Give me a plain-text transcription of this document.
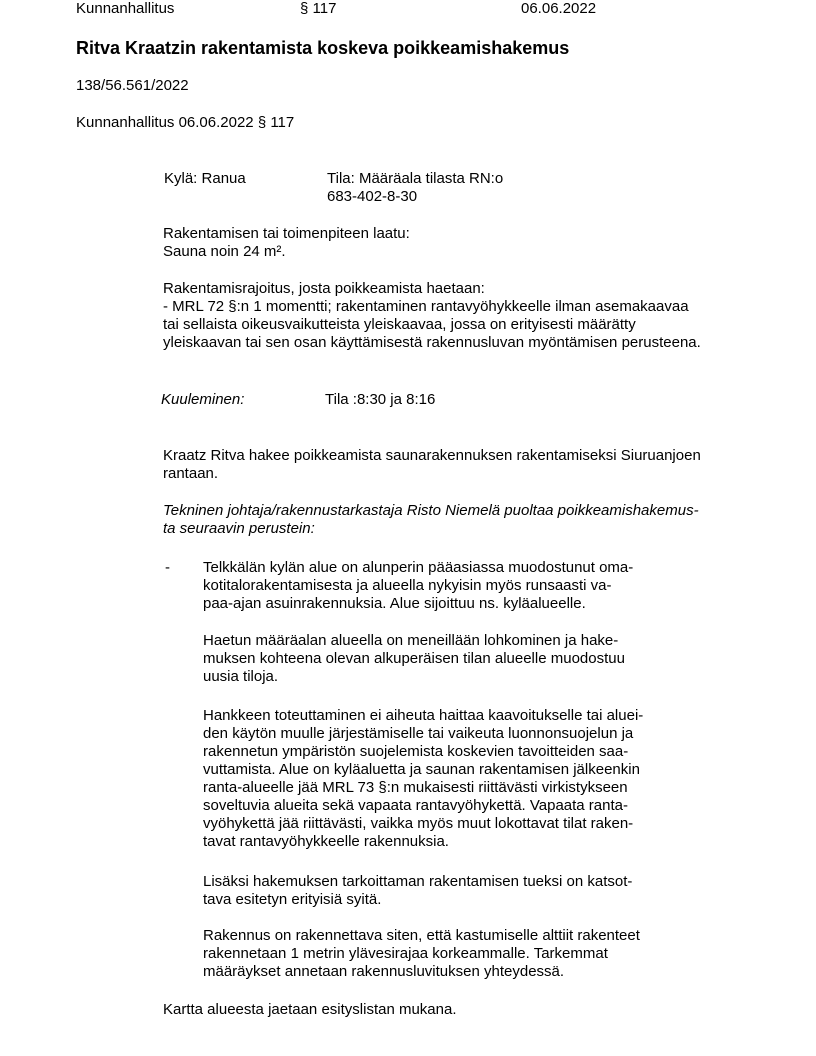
Kunnanhallitus	§ 117	06.06.2022
Ritva Kraatzin rakentamista koskeva poikkeamishakemus
138/56.561/2022
Kunnanhallitus 06.06.2022 § 117
Kylä: Ranua	Tila: Määräala tilasta RN:o
683-402-8-30
Rakentamisen tai toimenpiteen laatu:
Sauna noin 24 m².
Rakentamisrajoitus, josta poikkeamista haetaan:
- MRL 72 §:n 1 momentti; rakentaminen rantavyöhykkeelle ilman asemakaavaa
tai sellaista oikeusvaikutteista yleiskaavaa, jossa on erityisesti määrätty
yleiskaavan tai sen osan käyttämisestä rakennusluvan myöntämisen perusteena.
Kuuleminen:	Tila :8:30 ja 8:16
Kraatz Ritva hakee poikkeamista saunarakennuksen rakentamiseksi Siuruanjoen
rantaan.
Tekninen johtaja/rakennustarkastaja Risto Niemelä puoltaa poikkeamishakemus-
ta seuraavin perustein:
- Telkkälän kylän alue on alunperin pääasiassa muodostunut oma-
kotitalorakentamisesta ja alueella nykyisin myös runsaasti va-
paa-ajan asuinrakennuksia. Alue sijoittuu ns. kyläalueelle.
Haetun määräalan alueella on meneillään lohkominen ja hake-
muksen kohteena olevan alkuperäisen tilan alueelle muodostuu
uusia tiloja.
Hankkeen toteuttaminen ei aiheuta haittaa kaavoitukselle tai aluei-
den käytön muulle järjestämiselle tai vaikeuta luonnonsuojelun ja
rakennetun ympäristön suojelemista koskevien tavoitteiden saa-
vuttamista. Alue on kyläaluetta ja saunan rakentamisen jälkeenkin
ranta-alueelle jää MRL 73 §:n mukaisesti riittävästi virkistykseen
soveltuvia alueita sekä vapaata rantavyöhykettä. Vapaata ranta-
vyöhykettä jää riittävästi, vaikka myös muut lokottavat tilat raken-
tavat rantavyöhykkeelle rakennuksia.
Lisäksi hakemuksen tarkoittaman rakentamisen tueksi on katsot-
tava esitetyn erityisiä syitä.
Rakennus on rakennettava siten, että kastumiselle alttiit rakenteet
rakennetaan 1 metrin ylävesirajaa korkeammalle. Tarkemmat
määräykset annetaan rakennusluvituksen yhteydessä.
Kartta alueesta jaetaan esityslistan mukana.
